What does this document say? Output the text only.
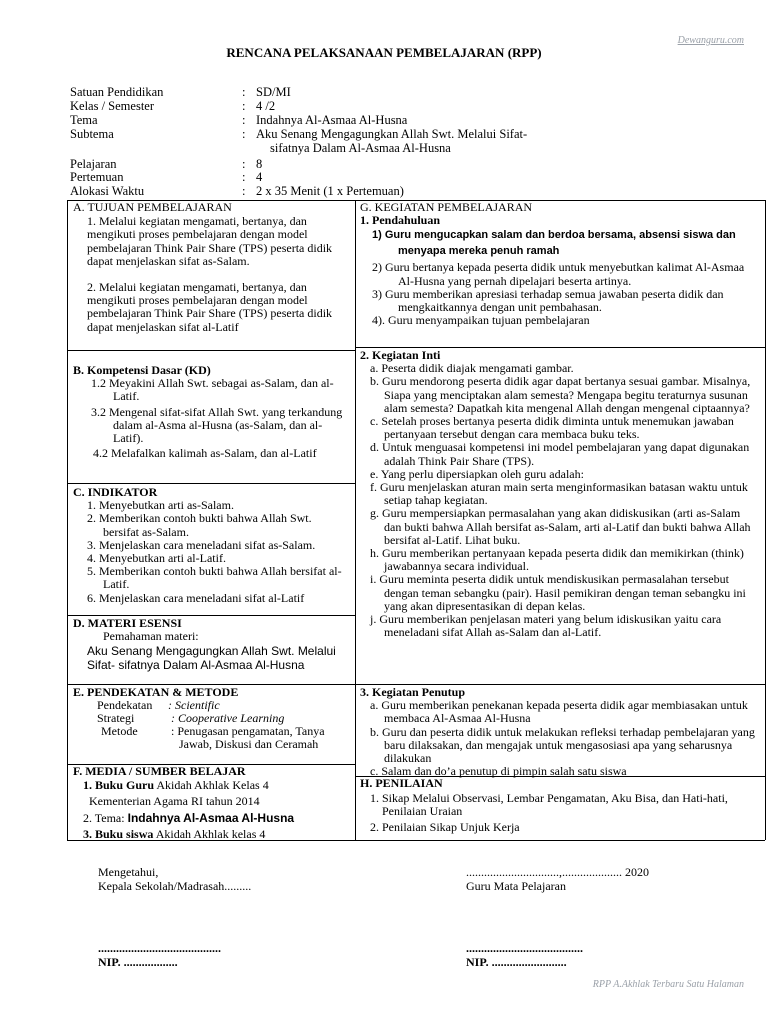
Dewanguru.com
RENCANA PELAKSANAAN PEMBELAJARAN (RPP)
Satuan Pendidikan	: SD/MI
Kelas / Semester	: 4 /2
Tema	: Indahnya Al-Asmaa Al-Husna
Subtema	: Aku Senang Mengagungkan Allah Swt. Melalui Sifat-
sifatnya Dalam Al-Asmaa Al-Husna
Pelajaran	: 8
Pertemuan	: 4
Alokasi Waktu	: 2 x 35 Menit (1 x Pertemuan)
A. TUJUAN PEMBELAJARAN
1. Melalui kegiatan mengamati, bertanya, dan mengikuti proses pembelajaran dengan model pembelajaran Think Pair Share (TPS) peserta didik dapat menjelaskan sifat as-Salam.
2. Melalui kegiatan mengamati, bertanya, dan mengikuti proses pembelajaran dengan model pembelajaran Think Pair Share (TPS) peserta didik dapat menjelaskan sifat al-Latif
B. Kompetensi Dasar (KD)
1.2 Meyakini Allah Swt. sebagai as-Salam, dan al-Latif.
3.2 Mengenal sifat-sifat Allah Swt. yang terkandung dalam al-Asma al-Husna (as-Salam, dan al-Latif).
4.2 Melafalkan kalimah as-Salam, dan al-Latif
C. INDIKATOR
1. Menyebutkan arti as-Salam.
2. Memberikan contoh bukti bahwa Allah Swt. bersifat as-Salam.
3. Menjelaskan cara meneladani sifat as-Salam.
4. Menyebutkan arti al-Latif.
5. Memberikan contoh bukti bahwa Allah bersifat al-Latif.
6. Menjelaskan cara meneladani sifat al-Latif
D. MATERI ESENSI
Pemahaman materi:
Aku Senang Mengagungkan Allah Swt. Melalui Sifat- sifatnya Dalam Al-Asmaa Al-Husna
E. PENDEKATAN & METODE
Pendekatan : Scientific
Strategi	: Cooperative Learning
Metode	: Penugasan pengamatan, Tanya Jawab, Diskusi dan Ceramah
F. MEDIA / SUMBER BELAJAR
1. Buku Guru Akidah Akhlak Kelas 4
Kementerian Agama RI tahun 2014
2. Tema: Indahnya Al-Asmaa Al-Husna
3. Buku siswa Akidah Akhlak kelas 4
G. KEGIATAN PEMBELAJARAN
1. Pendahuluan
1) Guru mengucapkan salam dan berdoa bersama, absensi siswa dan menyapa mereka penuh ramah
2) Guru bertanya kepada peserta didik untuk menyebutkan kalimat Al-Asmaa Al-Husna yang pernah dipelajari beserta artinya.
3) Guru memberikan apresiasi terhadap semua jawaban peserta didik dan mengkaitkannya dengan unit pembahasan.
4). Guru menyampaikan tujuan pembelajaran
2. Kegiatan Inti
a. Peserta didik diajak mengamati gambar.
b. Guru mendorong peserta didik agar dapat bertanya sesuai gambar. Misalnya, Siapa yang menciptakan alam semesta? Mengapa begitu teraturnya susunan alam semesta? Dapatkah kita mengenal Allah dengan mengenal ciptaannya?
c. Setelah proses bertanya peserta didik diminta untuk menemukan jawaban pertanyaan tersebut dengan cara membaca buku teks.
d. Untuk menguasai kompetensi ini model pembelajaran yang dapat digunakan adalah Think Pair Share (TPS).
e. Yang perlu dipersiapkan oleh guru adalah:
f. Guru menjelaskan aturan main serta menginformasikan batasan waktu untuk setiap tahap kegiatan.
g. Guru mempersiapkan permasalahan yang akan didiskusikan (arti as-Salam dan bukti bahwa Allah bersifat as-Salam, arti al-Latif dan bukti bahwa Allah bersifat al-Latif. Lihat buku.
h. Guru memberikan pertanyaan kepada peserta didik dan memikirkan (think) jawabannya secara individual.
i. Guru meminta peserta didik untuk mendiskusikan permasalahan tersebut dengan teman sebangku (pair). Hasil pemikiran dengan teman sebangku ini yang akan dipresentasikan di depan kelas.
j. Guru memberikan penjelasan materi yang belum idiskusikan yaitu cara meneladani sifat Allah as-Salam dan al-Latif.
3. Kegiatan Penutup
a. Guru memberikan penekanan kepada peserta didik agar membiasakan untuk membaca Al-Asmaa Al-Husna
b. Guru dan peserta didik untuk melakukan refleksi terhadap pembelajaran yang baru dilaksakan, dan mengajak untuk mengasosiasi apa yang seharusnya dilakukan
c. Salam dan do’a penutup di pimpin salah satu siswa
H. PENILAIAN
1. Sikap Melalui Observasi, Lembar Pengamatan, Aku Bisa, dan Hati-hati, Penilaian Uraian
2. Penilaian Sikap Unjuk Kerja
Mengetahui,
Kepala Sekolah/Madrasah.........
...............................,.................... 2020
Guru Mata Pelajaran
.........................................	.......................................
NIP. ..................	NIP. .........................
RPP A.Akhlak Terbaru Satu Halaman
